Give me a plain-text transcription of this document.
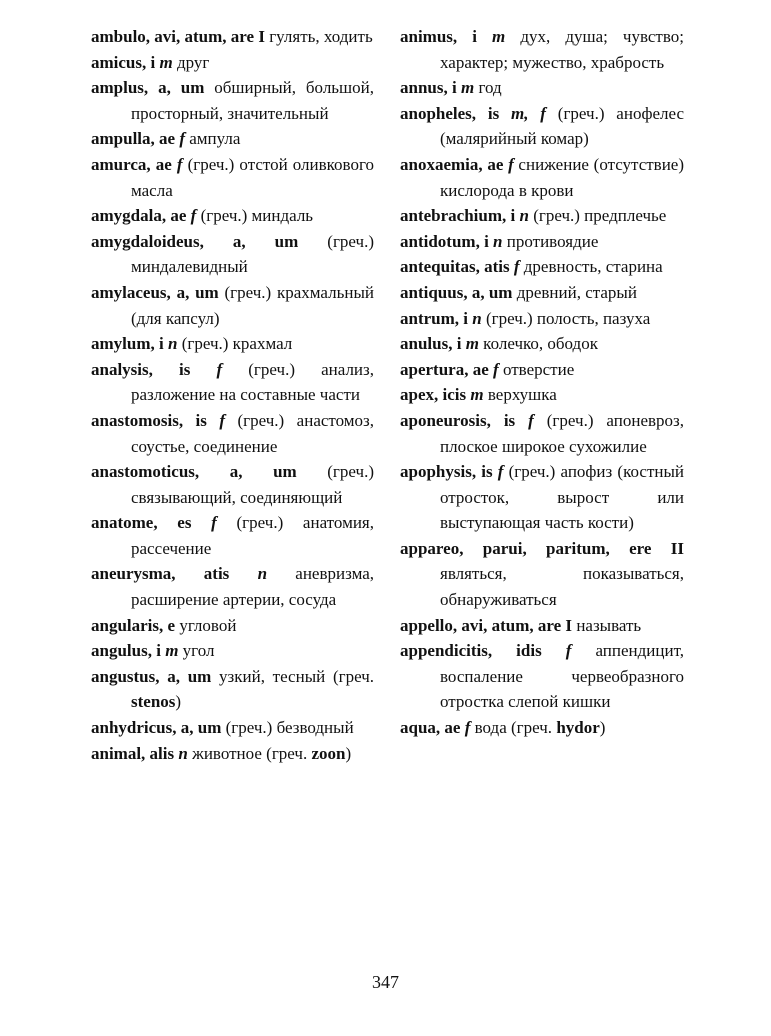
ambulo, avi, atum, are I гулять, ходить

amicus, i m друг

amplus, a, um обширный, большой, просторный, значительный

ampulla, ae f ампула

amurca, ae f (греч.) отстой оливкового масла

amygdala, ae f (греч.) миндаль

amygdaloideus, a, um (греч.) миндалевидный

amylaceus, a, um (греч.) крахмальный (для капсул)

amylum, i n (греч.) крахмал

analysis, is f (греч.) анализ, разложение на составные части

anastomosis, is f (греч.) анастомоз, соустье, соединение

anastomoticus, a, um (греч.) связывающий, соединяющий

anatome, es f (греч.) анатомия, рассечение

aneurysma, atis n аневризма, расширение артерии, сосуда

angularis, e угловой

angulus, i m угол

angustus, a, um узкий, тесный (греч. stenos)

anhydricus, a, um (греч.) безводный

animal, alis n животное (греч. zoon)

animus, i m дух, душа; чувство; характер; мужество, храбрость

annus, i m год

anopheles, is m, f (греч.) анофелес (малярийный комар)

anoxaemia, ae f снижение (отсутствие) кислорода в крови

antebrachium, i n (греч.) предплечье

antidotum, i n противоядие

antequitas, atis f древность, старина

antiquus, a, um древний, старый

antrum, i n (греч.) полость, пазуха

anulus, i m колечко, ободок

apertura, ae f отверстие

apex, icis m верхушка

aponeurosis, is f (греч.) апоневроз, плоское широкое сухожилие

apophysis, is f (греч.) апофиз (костный отросток, вырост или выступающая часть кости)

appareo, parui, paritum, ere II являться, показываться, обнаруживаться

appello, avi, atum, are I называть

appendicitis, idis f аппендицит, воспаление червеобразного отростка слепой кишки

aqua, ae f вода (греч. hydor)

347
